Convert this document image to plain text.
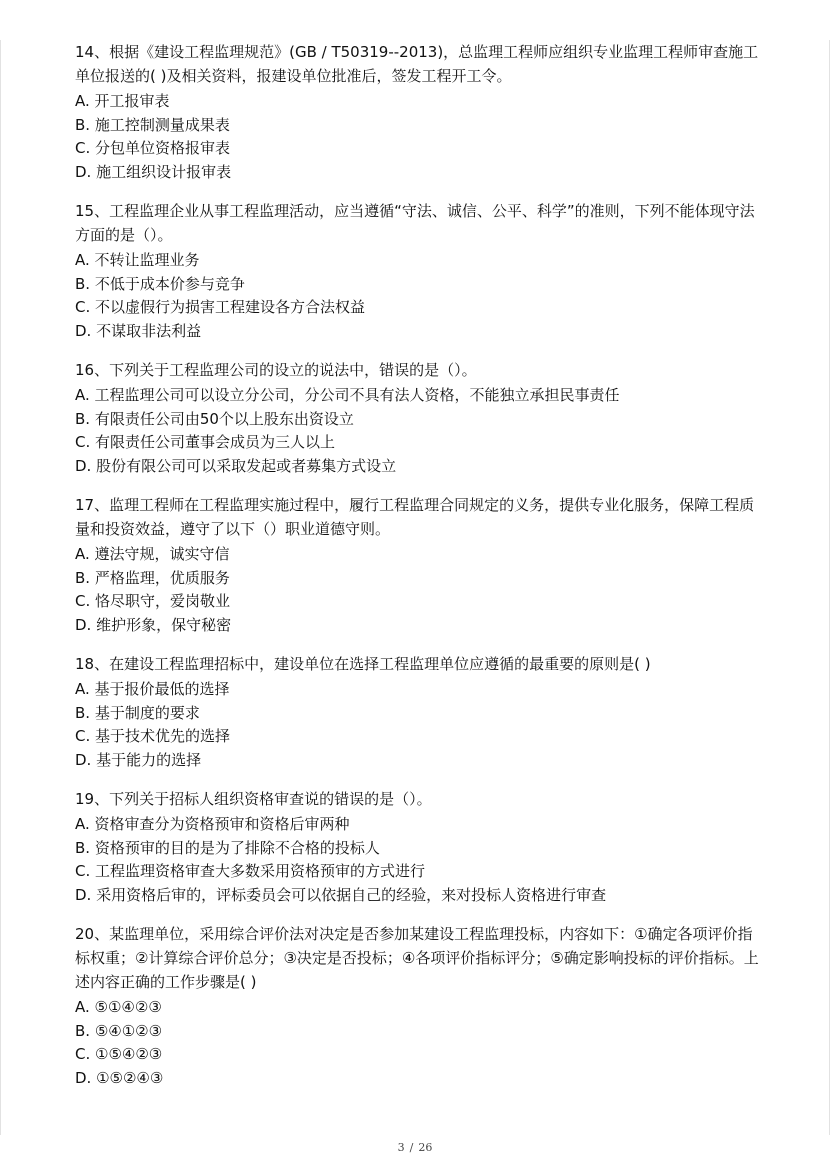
14、根据《建设工程监理规范》(GB / T50319--2013)，总监理工程师应组织专业监理工程师审查施工单位报送的( )及相关资料，报建设单位批准后，签发工程开工令。

A. 开工报审表

B. 施工控制测量成果表

C. 分包单位资格报审表

D. 施工组织设计报审表

15、工程监理企业从事工程监理活动，应当遵循“守法、诚信、公平、科学”的准则，下列不能体现守法方面的是（）。

A. 不转让监理业务

B. 不低于成本价参与竞争

C. 不以虚假行为损害工程建设各方合法权益

D. 不谋取非法利益

16、下列关于工程监理公司的设立的说法中，错误的是（）。

A. 工程监理公司可以设立分公司，分公司不具有法人资格，不能独立承担民事责任

B. 有限责任公司由50个以上股东出资设立

C. 有限责任公司董事会成员为三人以上

D. 股份有限公司可以采取发起或者募集方式设立

17、监理工程师在工程监理实施过程中，履行工程监理合同规定的义务，提供专业化服务，保障工程质量和投资效益，遵守了以下（）职业道德守则。

A. 遵法守规，诚实守信

B. 严格监理，优质服务

C. 恪尽职守，爱岗敬业

D. 维护形象，保守秘密

18、在建设工程监理招标中，建设单位在选择工程监理单位应遵循的最重要的原则是( )

A. 基于报价最低的选择

B. 基于制度的要求

C. 基于技术优先的选择

D. 基于能力的选择

19、下列关于招标人组织资格审查说的错误的是（）。

A. 资格审查分为资格预审和资格后审两种

B. 资格预审的目的是为了排除不合格的投标人

C. 工程监理资格审查大多数采用资格预审的方式进行

D. 采用资格后审的，评标委员会可以依据自己的经验，来对投标人资格进行审查

20、某监理单位，采用综合评价法对决定是否参加某建设工程监理投标，内容如下：①确定各项评价指标权重；②计算综合评价总分；③决定是否投标；④各项评价指标评分；⑤确定影响投标的评价指标。上述内容正确的工作步骤是( )

A. ⑤①④②③

B. ⑤④①②③

C. ①⑤④②③

D. ①⑤②④③

3 / 26
